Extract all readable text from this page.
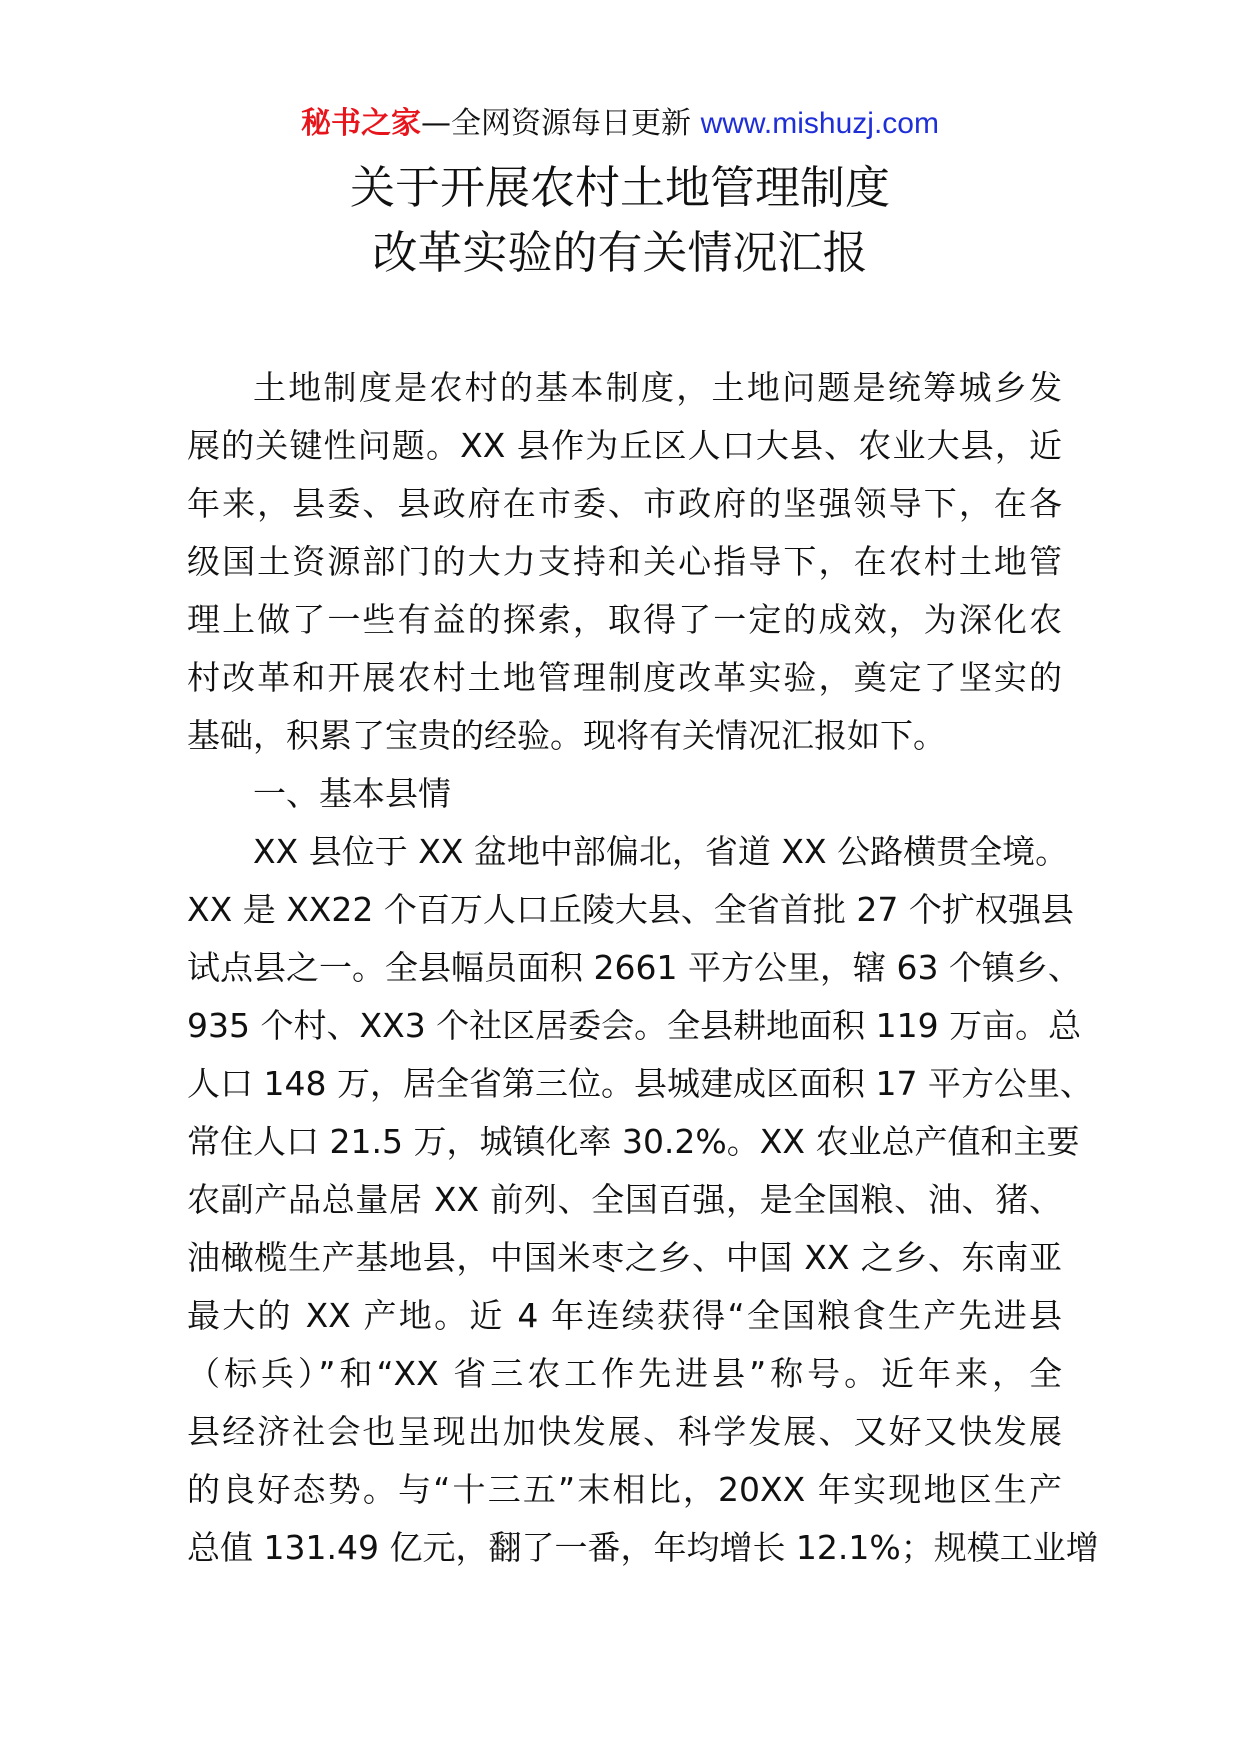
秘书之家—全网资源每日更新 www.mishuzj.com
关于开展农村土地管理制度
改革实验的有关情况汇报
土地制度是农村的基本制度，土地问题是统筹城乡发
展的关键性问题。XX 县作为丘区人口大县、农业大县，近
年来，县委、县政府在市委、市政府的坚强领导下，在各
级国土资源部门的大力支持和关心指导下，在农村土地管
理上做了一些有益的探索，取得了一定的成效，为深化农
村改革和开展农村土地管理制度改革实验，奠定了坚实的
基础，积累了宝贵的经验。现将有关情况汇报如下。
一、基本县情
XX 县位于 XX 盆地中部偏北，省道 XX 公路横贯全境。
XX 是 XX22 个百万人口丘陵大县、全省首批 27 个扩权强县
试点县之一。全县幅员面积 2661 平方公里，辖 63 个镇乡、
935 个村、XX3 个社区居委会。全县耕地面积 119 万亩。总
人口 148 万，居全省第三位。县城建成区面积 17 平方公里、
常住人口 21.5 万，城镇化率 30.2%。XX 农业总产值和主要
农副产品总量居 XX 前列、全国百强，是全国粮、油、猪、
油橄榄生产基地县，中国米枣之乡、中国 XX 之乡、东南亚
最大的 XX 产地。近 4 年连续获得“全国粮食生产先进县
（标兵）”和“XX 省三农工作先进县”称号。近年来，全
县经济社会也呈现出加快发展、科学发展、又好又快发展
的良好态势。与“十三五”末相比，20XX 年实现地区生产
总值 131.49 亿元，翻了一番，年均增长 12.1%；规模工业增
